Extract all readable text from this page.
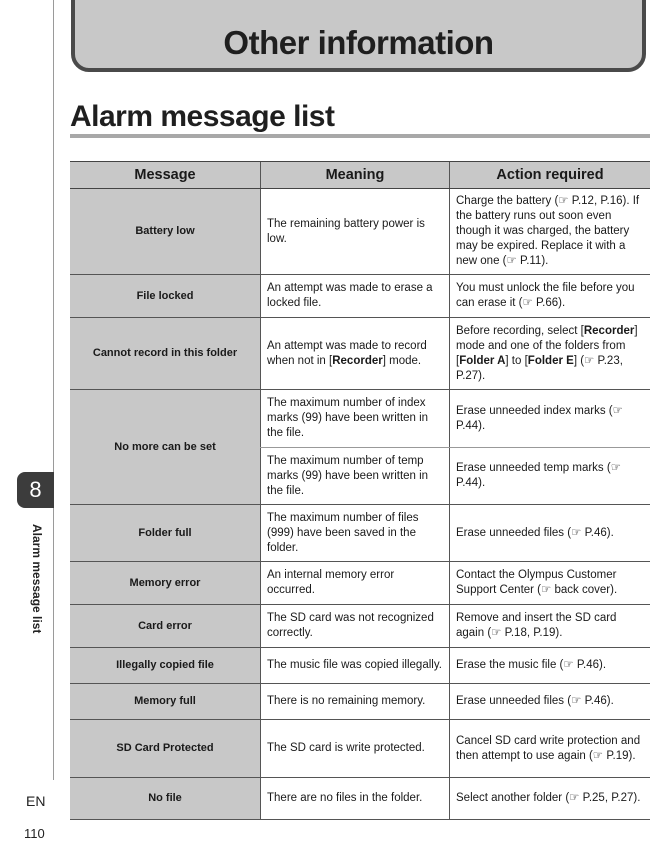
8
Alarm message list
EN
110
Other information
Alarm message list
Message	Meaning	Action required
Battery low	The remaining battery power is low.	Charge the battery (☞ P.12, P.16). If the battery runs out soon even though it was charged, the battery may be expired. Replace it with a new one (☞ P.11).
File locked	An attempt was made to erase a locked file.	You must unlock the file before you can erase it (☞ P.66).
Cannot record in this folder	An attempt was made to record when not in [Recorder] mode.	Before recording, select [Recorder] mode and one of the folders from [Folder A] to [Folder E] (☞ P.23, P.27).
No more can be set	The maximum number of index marks (99) have been written in the file.	Erase unneeded index marks (☞ P.44).
	The maximum number of temp marks (99) have been written in the file.	Erase unneeded temp marks (☞ P.44).
Folder full	The maximum number of files (999) have been saved in the folder.	Erase unneeded files (☞ P.46).
Memory error	An internal memory error occurred.	Contact the Olympus Customer Support Center (☞ back cover).
Card error	The SD card was not recognized correctly.	Remove and insert the SD card again (☞ P.18, P.19).
Illegally copied file	The music file was copied illegally.	Erase the music file (☞ P.46).
Memory full	There is no remaining memory.	Erase unneeded files (☞ P.46).
SD Card Protected	The SD card is write protected.	Cancel SD card write protection and then attempt to use again (☞ P.19).
No file	There are no files in the folder.	Select another folder (☞ P.25, P.27).
